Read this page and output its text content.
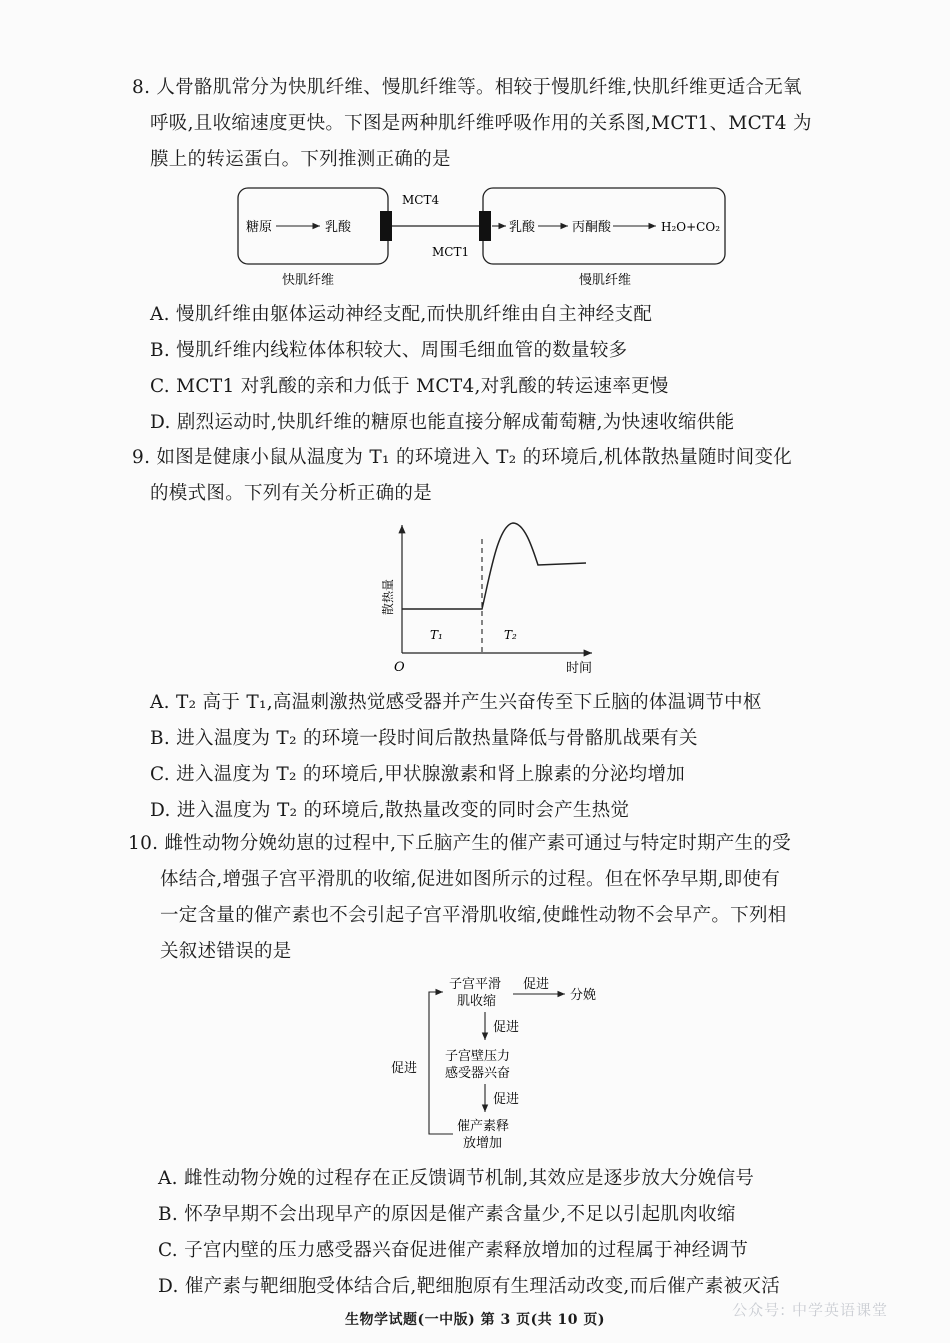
8. 人骨骼肌常分为快肌纤维、慢肌纤维等。相较于慢肌纤维,快肌纤维更适合无氧
呼吸,且收缩速度更快。下图是两种肌纤维呼吸作用的关系图,MCT1、MCT4 为
膜上的转运蛋白。下列推测正确的是
MCT4
MCT1
糖原	乳酸	乳酸	丙酮酸	H₂O+CO₂
快肌纤维	慢肌纤维
A. 慢肌纤维由躯体运动神经支配,而快肌纤维由自主神经支配
B. 慢肌纤维内线粒体体积较大、周围毛细血管的数量较多
C. MCT1 对乳酸的亲和力低于 MCT4,对乳酸的转运速率更慢
D. 剧烈运动时,快肌纤维的糖原也能直接分解成葡萄糖,为快速收缩供能
9. 如图是健康小鼠从温度为 T₁ 的环境进入 T₂ 的环境后,机体散热量随时间变化
的模式图。下列有关分析正确的是
散热量
O	时间
T₁	T₂
A. T₂ 高于 T₁,高温刺激热觉感受器并产生兴奋传至下丘脑的体温调节中枢
B. 进入温度为 T₂ 的环境一段时间后散热量降低与骨骼肌战栗有关
C. 进入温度为 T₂ 的环境后,甲状腺激素和肾上腺素的分泌均增加
D. 进入温度为 T₂ 的环境后,散热量改变的同时会产生热觉
10. 雌性动物分娩幼崽的过程中,下丘脑产生的催产素可通过与特定时期产生的受
体结合,增强子宫平滑肌的收缩,促进如图所示的过程。但在怀孕早期,即使有
一定含量的催产素也不会引起子宫平滑肌收缩,使雌性动物不会早产。下列相
关叙述错误的是
子宫平滑
肌收缩
促进
分娩
促进
子宫壁压力
感受器兴奋
促进
催产素释
放增加
促进
A. 雌性动物分娩的过程存在正反馈调节机制,其效应是逐步放大分娩信号
B. 怀孕早期不会出现早产的原因是催产素含量少,不足以引起肌肉收缩
C. 子宫内壁的压力感受器兴奋促进催产素释放增加的过程属于神经调节
D. 催产素与靶细胞受体结合后,靶细胞原有生理活动改变,而后催产素被灭活
生物学试题(一中版) 第 3 页(共 10 页)
公众号: 中学英语课堂
